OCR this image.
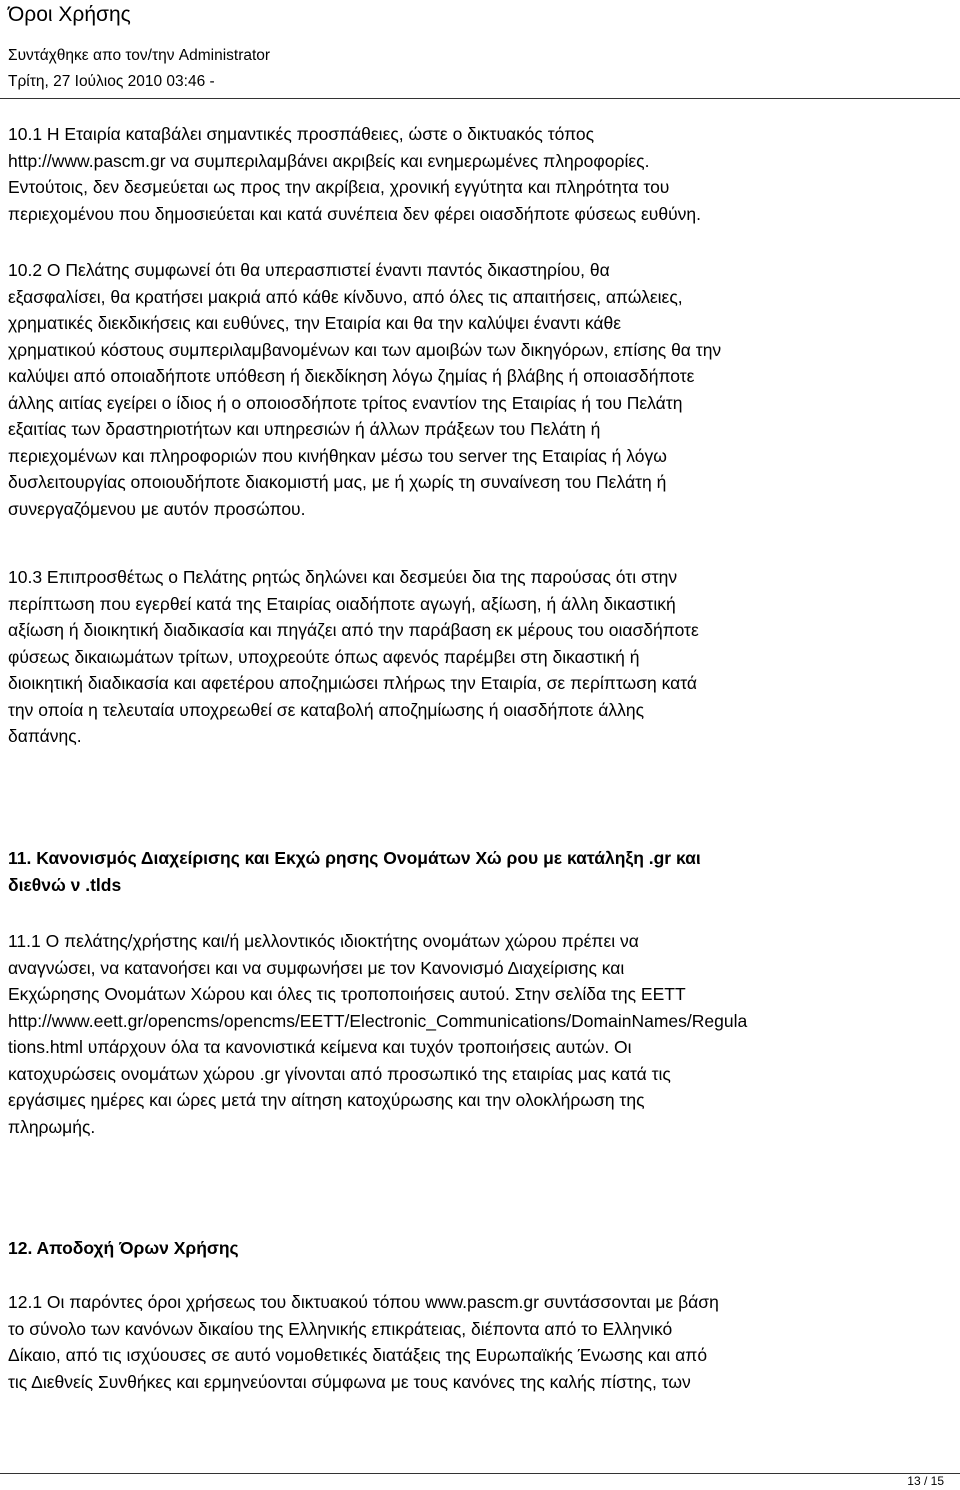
Όροι Χρήσης

Συντάχθηκε απο τον/την Administrator

Τρίτη, 27 Ιούλιος 2010 03:46 -

10.1 Η Εταιρία καταβάλει σημαντικές προσπάθειες, ώστε ο δικτυακός τόπος
http://www.pascm.gr να συμπεριλαμβάνει ακριβείς και ενημερωμένες πληροφορίες.
Εντούτοις, δεν δεσμεύεται ως προς την ακρίβεια, χρονική εγγύτητα και πληρότητα του
περιεχομένου που δημοσιεύεται και κατά συνέπεια δεν φέρει οιασδήποτε φύσεως ευθύνη.

10.2 Ο Πελάτης συμφωνεί ότι θα υπερασπιστεί έναντι παντός δικαστηρίου, θα
εξασφαλίσει, θα κρατήσει μακριά από κάθε κίνδυνο, από όλες τις απαιτήσεις, απώλειες,
χρηματικές διεκδικήσεις και ευθύνες, την Εταιρία και θα την καλύψει έναντι κάθε
χρηματικού κόστους συμπεριλαμβανομένων και των αμοιβών των δικηγόρων, επίσης θα την
καλύψει από οποιαδήποτε υπόθεση ή διεκδίκηση λόγω ζημίας ή βλάβης ή οποιασδήποτε
άλλης αιτίας εγείρει ο ίδιος ή ο οποιοσδήποτε τρίτος εναντίον της Εταιρίας ή του Πελάτη
εξαιτίας των δραστηριοτήτων και υπηρεσιών ή άλλων πράξεων του Πελάτη ή
περιεχομένων και πληροφοριών που κινήθηκαν μέσω του server της Εταιρίας ή λόγω
δυσλειτουργίας οποιουδήποτε διακομιστή μας, με ή χωρίς τη συναίνεση του Πελάτη ή
συνεργαζόμενου με αυτόν προσώπου.

10.3 Επιπροσθέτως ο Πελάτης ρητώς δηλώνει και δεσμεύει δια της παρούσας ότι στην
περίπτωση που εγερθεί κατά της Εταιρίας οιαδήποτε αγωγή, αξίωση, ή άλλη δικαστική
αξίωση ή διοικητική διαδικασία και πηγάζει από την παράβαση εκ μέρους του οιασδήποτε
φύσεως δικαιωμάτων τρίτων, υποχρεούτε όπως αφενός παρέμβει στη δικαστική ή
διοικητική διαδικασία και αφετέρου αποζημιώσει πλήρως την Εταιρία, σε περίπτωση κατά
την οποία η τελευταία υποχρεωθεί σε καταβολή αποζημίωσης ή οιασδήποτε άλλης
δαπάνης.

11. Κανονισμός Διαχείρισης και Εκχώ ρησης Ονομάτων Χώ ρου με κατάληξη .gr και
διεθνώ ν .tlds

11.1 Ο πελάτης/χρήστης και/ή μελλοντικός ιδιοκτήτης ονομάτων χώρου πρέπει να
αναγνώσει, να κατανοήσει και να συμφωνήσει με τον Κανονισμό Διαχείρισης και
Εκχώρησης Ονομάτων Χώρου και όλες τις τροποποιήσεις αυτού. Στην σελίδα της ΕΕΤΤ
http://www.eett.gr/opencms/opencms/EETT/Electronic_Communications/DomainNames/Regula
tions.html υπάρχουν όλα τα κανονιστικά κείμενα και τυχόν τροποιήσεις αυτών. Οι
κατοχυρώσεις ονομάτων χώρου .gr γίνονται από προσωπικό της εταιρίας μας κατά τις
εργάσιμες ημέρες και ώρες μετά την αίτηση κατοχύρωσης και την ολοκλήρωση της
πληρωμής.

12. Αποδοχή Όρων Χρήσης

12.1 Οι παρόντες όροι χρήσεως του δικτυακού τόπου www.pascm.gr συντάσσονται με βάση
το σύνολο των κανόνων δικαίου της Ελληνικής επικράτειας, διέποντα από το Ελληνικό
Δίκαιο, από τις ισχύουσες σε αυτό νομοθετικές διατάξεις της Ευρωπαϊκής Ένωσης και από
τις Διεθνείς Συνθήκες και ερμηνεύονται σύμφωνα με τους κανόνες της καλής πίστης, των

13 / 15
